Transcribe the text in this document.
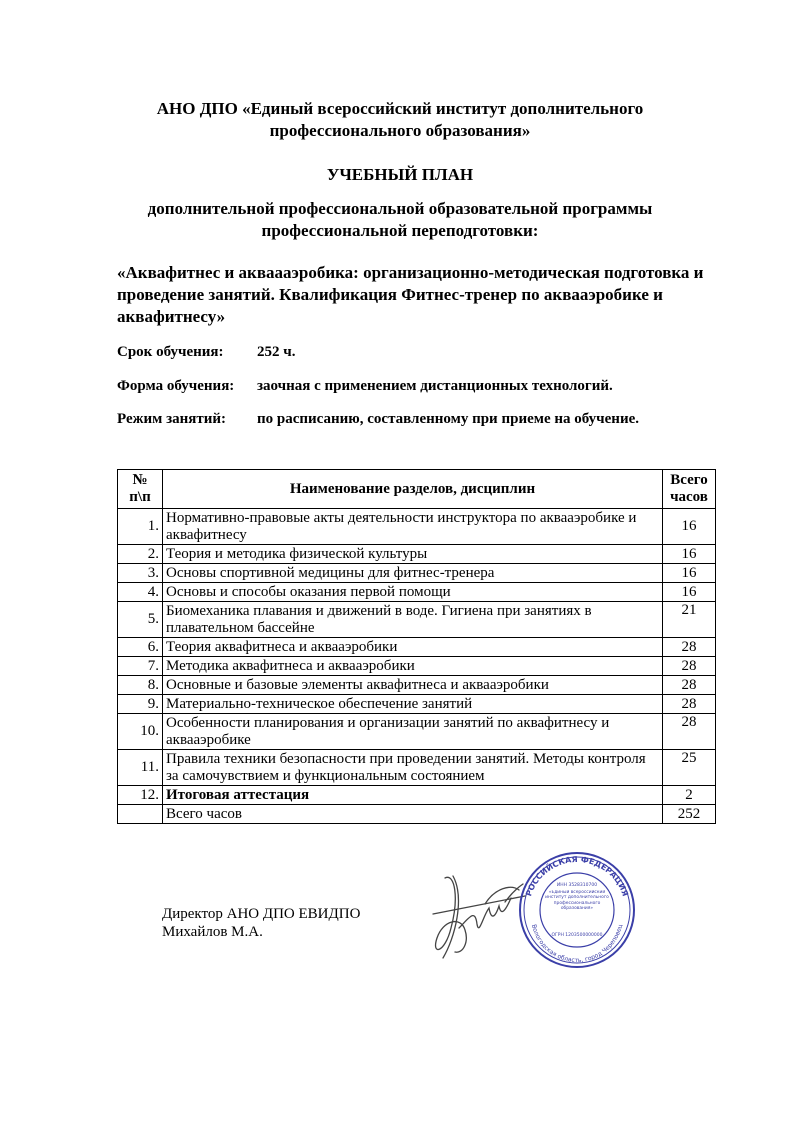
АНО ДПО «Единый всероссийский институт дополнительного
профессионального образования»
УЧЕБНЫЙ ПЛАН
дополнительной профессиональной образовательной программы
профессиональной переподготовки:
«Аквафитнес и акваааэробика: организационно-методическая подготовка и проведение занятий. Квалификация Фитнес-тренер по аквааэробике и аквафитнесу»
Срок обучения: 252 ч.
Форма обучения: заочная с применением дистанционных технологий.
Режим занятий: по расписанию, составленному при приеме на обучение.
№ п\п	Наименование разделов, дисциплин	Всего часов
1.	Нормативно-правовые акты деятельности инструктора по аквааэробике и аквафитнесу	16
2.	Теория и методика физической культуры	16
3.	Основы спортивной медицины для фитнес-тренера	16
4.	Основы и способы оказания первой помощи	16
5.	Биомеханика плавания и движений в воде. Гигиена при занятиях в плавательном бассейне	21
6.	Теория аквафитнеса и аквааэробики	28
7.	Методика аквафитнеса и аквааэробики	28
8.	Основные и базовые элементы аквафитнеса и аквааэробики	28
9.	Материально-техническое обеспечение занятий	28
10.	Особенности планирования и организации занятий по аквафитнесу и аквааэробике	28
11.	Правила техники безопасности при проведении занятий. Методы контроля за самочувствием и функциональным состоянием	25
12.	Итоговая аттестация	2
	Всего часов	252
Директор АНО ДПО ЕВИДПО
Михайлов М.А.
РОССИЙСКАЯ ФЕДЕРАЦИЯ
Вологодская область, город Череповец
ИНН 3528310700
«Единый всероссийский институт дополнительного профессионального образования»
ОГРН 1203500000000
